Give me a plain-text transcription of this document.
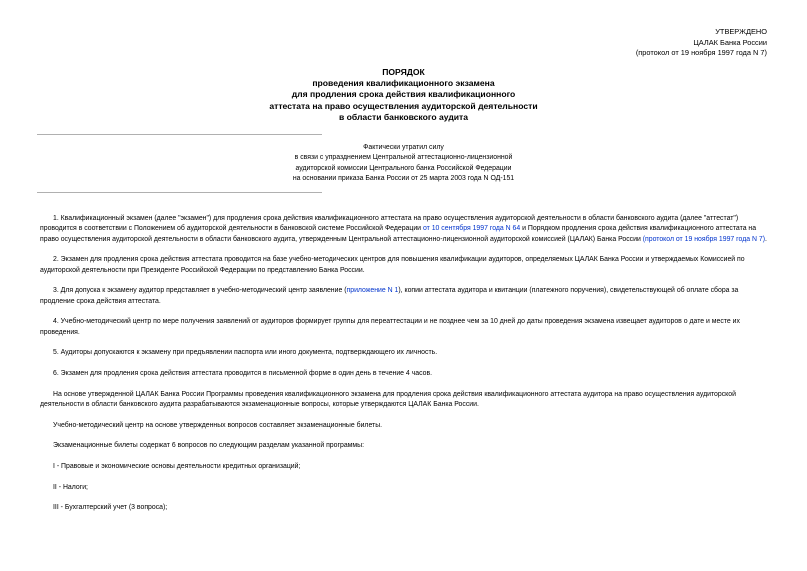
УТВЕРЖДЕНО
ЦАЛАК Банка России
(протокол от 19 ноября 1997 года N 7)
ПОРЯДОК
проведения квалификационного экзамена
для продления срока действия квалификационного
аттестата на право осуществления аудиторской деятельности
в области банковского аудита
Фактически утратил силу
в связи с упразднением Центральной аттестационно-лицензионной
аудиторской комиссии Центрального банка Российской Федерации
на основании приказа Банка России от 25 марта 2003 года N ОД-151

1. Квалификационный экзамен (далее "экзамен") для продления срока действия квалификационного аттестата на право осуществления аудиторской деятельности в области банковского аудита (далее "аттестат") проводится в соответствии с Положением об аудиторской деятельности в банковской системе Российской Федерации от 10 сентября 1997 года N 64 и Порядком продления срока действия квалификационного аттестата на право осуществления аудиторской деятельности в области банковского аудита, утвержденным Центральной аттестационно-лицензионной аудиторской комиссией (ЦАЛАК) Банка России (протокол от 19 ноября 1997 года N 7).

2. Экзамен для продления срока действия аттестата проводится на базе учебно-методических центров для повышения квалификации аудиторов, определяемых ЦАЛАК Банка России и утверждаемых Комиссией по аудиторской деятельности при Президенте Российской Федерации по представлению Банка России.

3. Для допуска к экзамену аудитор представляет в учебно-методический центр заявление (приложение N 1), копии аттестата аудитора и квитанции (платежного поручения), свидетельствующей об оплате сбора за продление срока действия аттестата.

4. Учебно-методический центр по мере получения заявлений от аудиторов формирует группы для переаттестации и не позднее чем за 10 дней до даты проведения экзамена извещает аудиторов о дате и месте их проведения.

5. Аудиторы допускаются к экзамену при предъявлении паспорта или иного документа, подтверждающего их личность.

6. Экзамен для продления срока действия аттестата проводится в письменной форме в один день в течение 4 часов.

На основе утвержденной ЦАЛАК Банка России Программы проведения квалификационного экзамена для продления срока действия квалификационного аттестата аудитора на право осуществления аудиторской деятельности в области банковского аудита разрабатываются экзаменационные вопросы, которые утверждаются ЦАЛАК Банка России.

Учебно-методический центр на основе утвержденных вопросов составляет экзаменационные билеты.

Экзаменационные билеты содержат 6 вопросов по следующим разделам указанной программы:

I - Правовые и экономические основы деятельности кредитных организаций;

II - Налоги;

III - Бухгалтерский учет (3 вопроса);
